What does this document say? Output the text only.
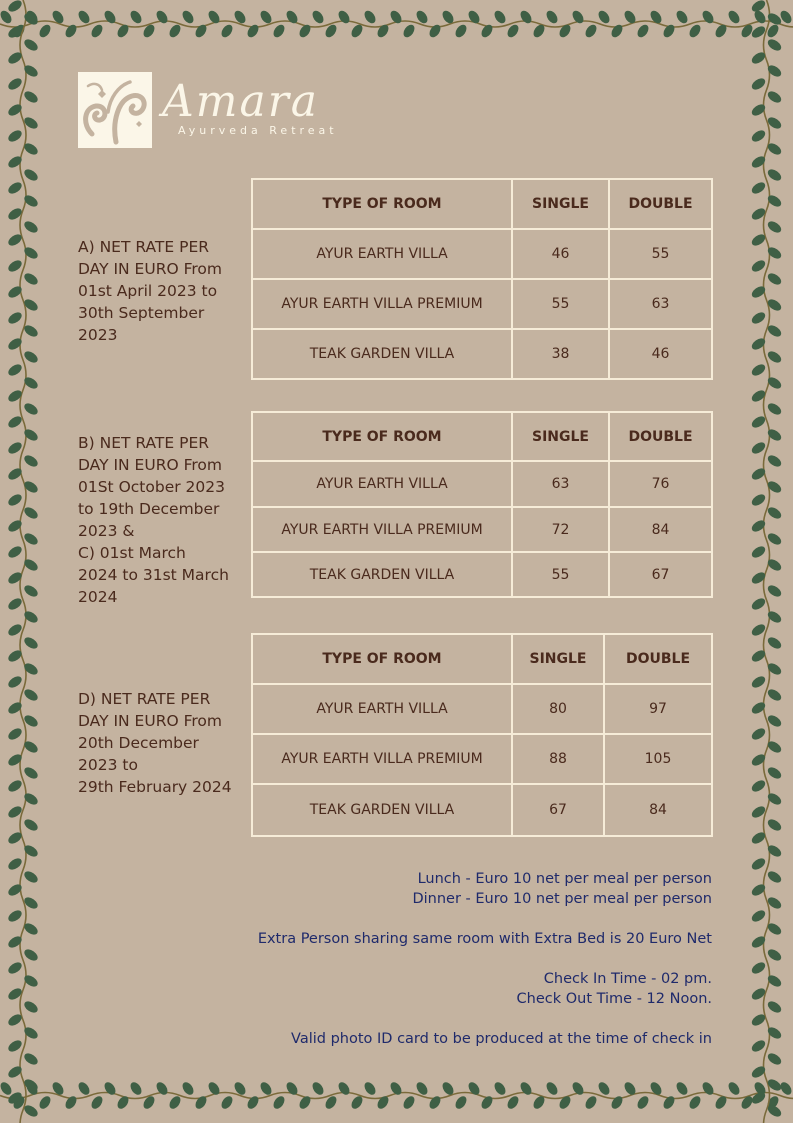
Amara
Ayurveda Retreat
A) NET RATE PER
DAY IN EURO From
01st April 2023 to
30th September
2023
TYPE OF ROOM	SINGLE	DOUBLE
AYUR EARTH VILLA	46	55
AYUR EARTH VILLA PREMIUM	55	63
TEAK GARDEN VILLA	38	46
B) NET RATE PER
DAY IN EURO From
01St October 2023
to 19th December
2023 &
C) 01st March
2024 to 31st March
2024
TYPE OF ROOM	SINGLE	DOUBLE
AYUR EARTH VILLA	63	76
AYUR EARTH VILLA PREMIUM	72	84
TEAK GARDEN VILLA	55	67
D) NET RATE PER
DAY IN EURO From
20th December
2023 to
29th February 2024
TYPE OF ROOM	SINGLE	DOUBLE
AYUR EARTH VILLA	80	97
AYUR EARTH VILLA PREMIUM	88	105
TEAK GARDEN VILLA	67	84
Lunch - Euro 10 net per meal per person
Dinner - Euro 10 net per meal per person
Extra Person sharing same room with Extra Bed is 20 Euro Net
Check In Time - 02 pm.
Check Out Time - 12 Noon.
Valid photo ID card to be produced at the time of check in
